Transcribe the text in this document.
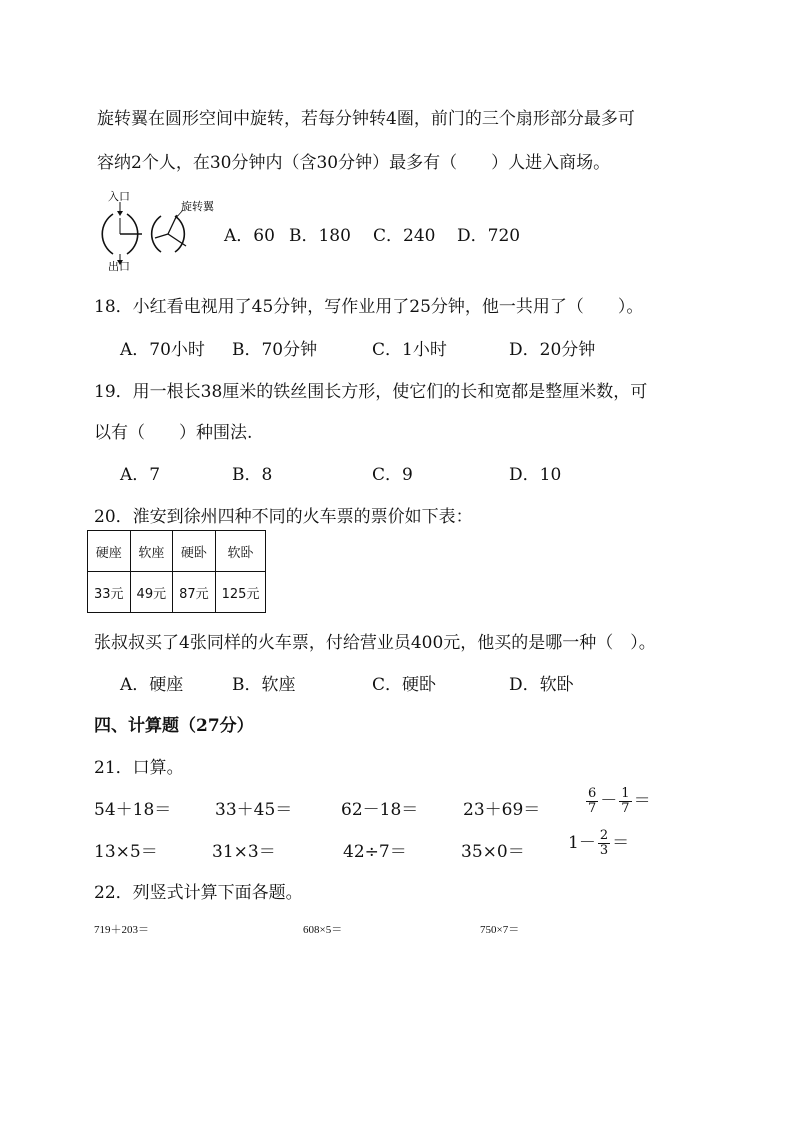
旋转翼在圆形空间中旋转，若每分钟转4圈，前门的三个扇形部分最多可
容纳2个人，在30分钟内（含30分钟）最多有（　　）人进入商场。
入口
出口
旋转翼
A．60 B．180 C．240 D．720
18．小红看电视用了45分钟，写作业用了25分钟，他一共用了（　　）。
A．70小时 B．70分钟	C．1小时	D．20分钟
19．用一根长38厘米的铁丝围长方形，使它们的长和宽都是整厘米数，可
以有（　　）种围法.
A．7	B．8	C．9	D．10
20．淮安到徐州四种不同的火车票的票价如下表：
硬座	软座	硬卧	软卧
33元	49元	87元	125元
张叔叔买了4张同样的火车票，付给营业员400元，他买的是哪一种（　）。
A．硬座	B．软座	C．硬卧	D．软卧
四、计算题（27分）
21．口算。
54＋18＝	33＋45＝	62－18＝	23＋69＝	$\frac{6}{7} - \frac{1}{7}$ ＝
13×5＝	31×3＝	42÷7＝	35×0＝	$1- \frac{2}{3}$ ＝
22．列竖式计算下面各题。
719＋203＝	608×5＝	750×7＝
